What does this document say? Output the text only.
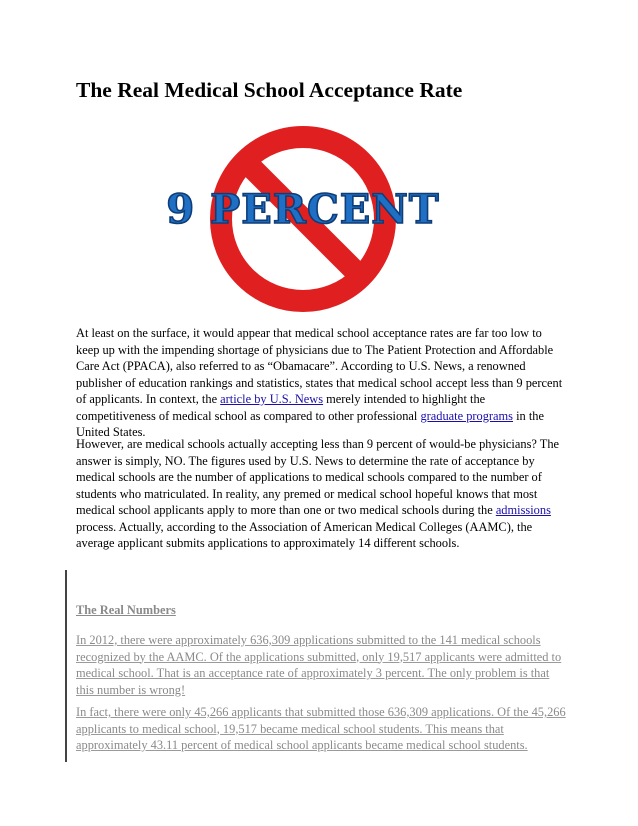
The Real Medical School Acceptance Rate
9 PERCENT

At least on the surface, it would appear that medical school acceptance rates are far too low to keep up with the impending shortage of physicians due to The Patient Protection and Affordable Care Act (PPACA), also referred to as “Obamacare”. According to U.S. News, a renowned publisher of education rankings and statistics, states that medical school accept less than 9 percent of applicants. In context, the article by U.S. News merely intended to highlight the competitiveness of medical school as compared to other professional graduate programs in the United States.

However, are medical schools actually accepting less than 9 percent of would-be physicians? The answer is simply, NO. The figures used by U.S. News to determine the rate of acceptance by medical schools are the number of applications to medical schools compared to the number of students who matriculated. In reality, any premed or medical school hopeful knows that most medical school applicants apply to more than one or two medical schools during the admissions process. Actually, according to the Association of American Medical Colleges (AAMC), the average applicant submits applications to approximately 14 different schools.

The Real Numbers

In 2012, there were approximately 636,309 applications submitted to the 141 medical schools recognized by the AAMC. Of the applications submitted, only 19,517 applicants were admitted to medical school. That is an acceptance rate of approximately 3 percent. The only problem is that this number is wrong!

In fact, there were only 45,266 applicants that submitted those 636,309 applications. Of the 45,266 applicants to medical school, 19,517 became medical school students. This means that approximately 43.11 percent of medical school applicants became medical school students.
